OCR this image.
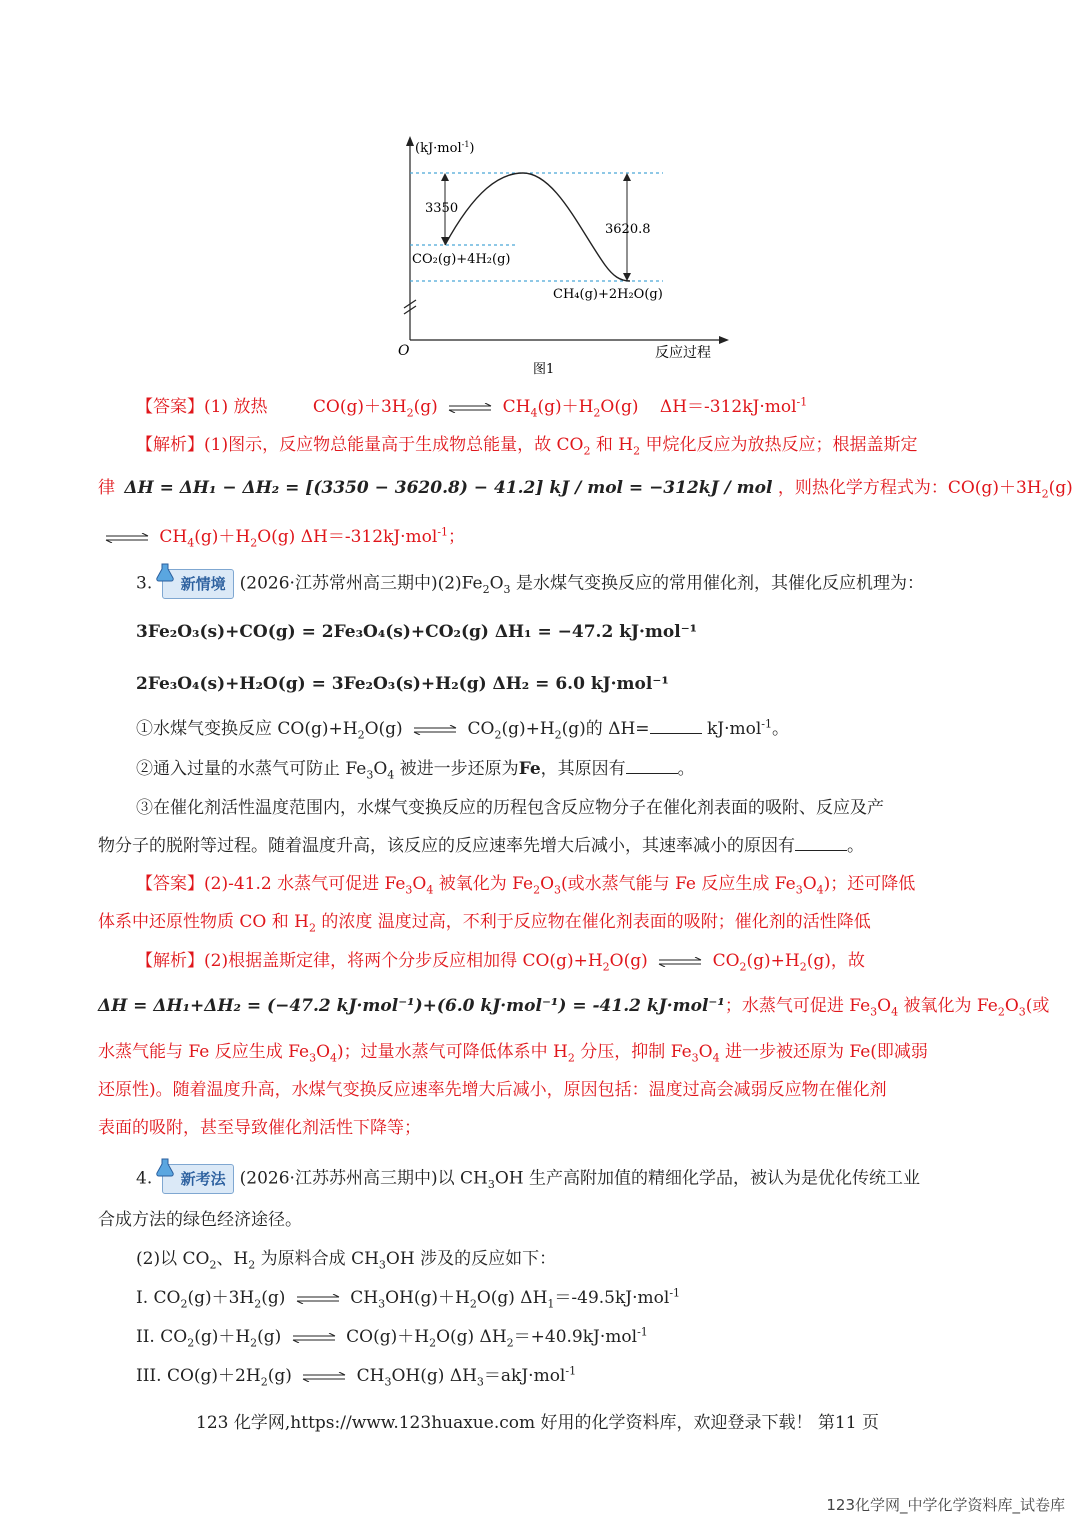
(kJ·mol$^{-1}$)
3350
3620.8
CO₂(g)+4H₂(g)
CH₄(g)+2H₂O(g)
O	反应过程
图1
【答案】(1) 放热	$CO(g)+3H_2(g)$ ⇌ $CH_4(g)+H_2O(g)$ ΔH＝-312kJ·mol$^{-1}$
【解析】(1)图示，反应物总能量高于生成物总能量，故 $CO_2$ 和 $H_2$ 甲烷化反应为放热反应；根据盖斯定
律 ΔH = ΔH₁ − ΔH₂ = [(3350 − 3620.8) − 41.2] kJ / mol = −312kJ / mol ，则热化学方程式为：$CO(g)+3H_2(g)$
⇌ $CH_4(g)+H_2O(g)$ ΔH＝-312kJ·mol$^{-1}$；
3. 新情境 (2026·江苏常州高三期中)$(2)Fe_2O_3$ 是水煤气变换反应的常用催化剂，其催化反应机理为：
3Fe₂O₃(s)+CO(g) = 2Fe₃O₄(s)+CO₂(g) ΔH₁ = −47.2 kJ·mol⁻¹
2Fe₃O₄(s)+H₂O(g) = 3Fe₂O₃(s)+H₂(g) ΔH₂ = 6.0 kJ·mol⁻¹
①水煤气变换反应 $CO(g)+H_2O(g)$ ⇌ $CO_2(g)+H_2(g)$的 ΔH=	kJ·mol$^{-1}$。
②通入过量的水蒸气可防止 $Fe_3O_4$ 被进一步还原为Fe，其原因有	。
③在催化剂活性温度范围内，水煤气变换反应的历程包含反应物分子在催化剂表面的吸附、反应及产
物分子的脱附等过程。随着温度升高，该反应的反应速率先增大后减小，其速率减小的原因有	。
【答案】(2)-41.2 水蒸气可促进 $Fe_3O_4$ 被氧化为 $Fe_2O_3$(或水蒸气能与 Fe 反应生成 $Fe_3O_4$)；还可降低
体系中还原性物质 CO 和 $H_2$ 的浓度 温度过高，不利于反应物在催化剂表面的吸附；催化剂的活性降低
【解析】(2)根据盖斯定律，将两个分步反应相加得 $CO(g)+H_2O(g)$ ⇌ $CO_2(g)+H_2(g)$，故
ΔH = ΔH₁+ΔH₂ = (−47.2 kJ·mol⁻¹)+(6.0 kJ·mol⁻¹) = -41.2 kJ·mol⁻¹；水蒸气可促进 $Fe_3O_4$ 被氧化为 $Fe_2O_3$(或
水蒸气能与 Fe 反应生成 $Fe_3O_4$)；过量水蒸气可降低体系中 $H_2$ 分压，抑制 $Fe_3O_4$ 进一步被还原为 Fe(即减弱
还原性)。随着温度升高，水煤气变换反应速率先增大后减小，原因包括：温度过高会减弱反应物在催化剂
表面的吸附，甚至导致催化剂活性下降等；
4. 新考法 (2026·江苏苏州高三期中)以 $CH_3OH$ 生产高附加值的精细化学品，被认为是优化传统工业
合成方法的绿色经济途径。
(2)以 $CO_2$、$H_2$ 为原料合成 $CH_3OH$ 涉及的反应如下：
I. $CO_2(g)+3H_2(g)$ ⇌ $CH_3OH(g)+H_2O(g)$ $\Delta H_1=-49.5kJ\cdot mol^{-1}$
II. $CO_2(g)+H_2(g)$ ⇌ $CO(g)+H_2O(g)$ $\Delta H_2=+40.9kJ\cdot mol^{-1}$
III. $CO(g)+2H_2(g)$ ⇌ $CH_3OH(g)$ $\Delta H_3=akJ\cdot mol^{-1}$
123 化学网,https://www.123huaxue.com 好用的化学资料库，欢迎登录下载！ 第11 页
123化学网_中学化学资料库_试卷库
